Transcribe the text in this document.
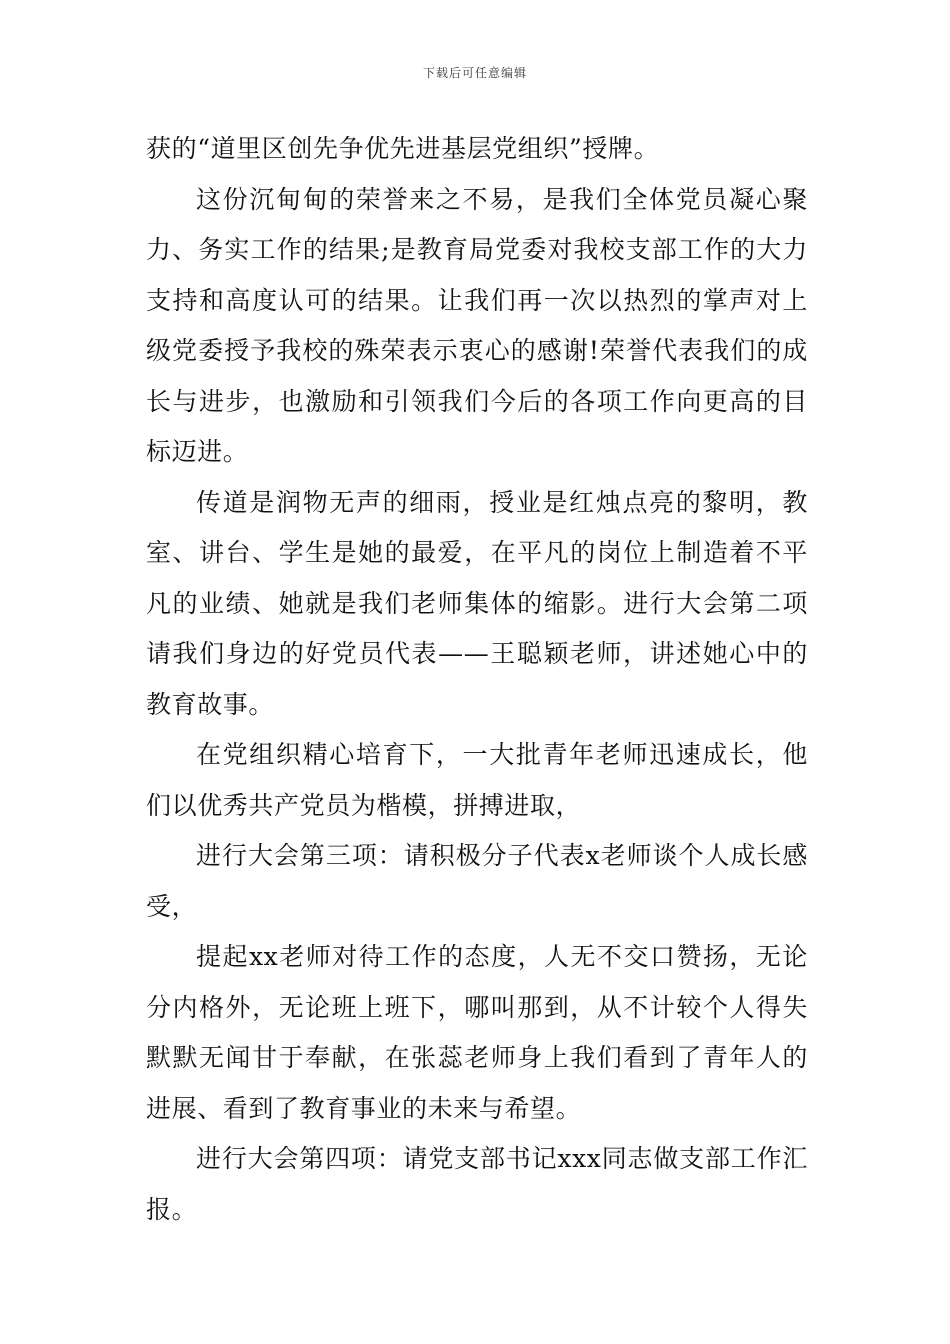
下载后可任意编辑

获的“道里区创先争优先进基层党组织”授牌。

这份沉甸甸的荣誉来之不易，是我们全体党员凝心聚力、务实工作的结果;是教育局党委对我校支部工作的大力支持和高度认可的结果。让我们再一次以热烈的掌声对上级党委授予我校的殊荣表示衷心的感谢!荣誉代表我们的成长与进步，也激励和引领我们今后的各项工作向更高的目标迈进。

传道是润物无声的细雨，授业是红烛点亮的黎明，教室、讲台、学生是她的最爱，在平凡的岗位上制造着不平凡的业绩、她就是我们老师集体的缩影。进行大会第二项请我们身边的好党员代表——王聪颖老师，讲述她心中的教育故事。

在党组织精心培育下，一大批青年老师迅速成长，他们以优秀共产党员为楷模，拼搏进取，

进行大会第三项：请积极分子代表x老师谈个人成长感受，

提起xx老师对待工作的态度，人无不交口赞扬，无论分内格外，无论班上班下，哪叫那到，从不计较个人得失默默无闻甘于奉献，在张蕊老师身上我们看到了青年人的进展、看到了教育事业的未来与希望。

进行大会第四项：请党支部书记xxx同志做支部工作汇报。
